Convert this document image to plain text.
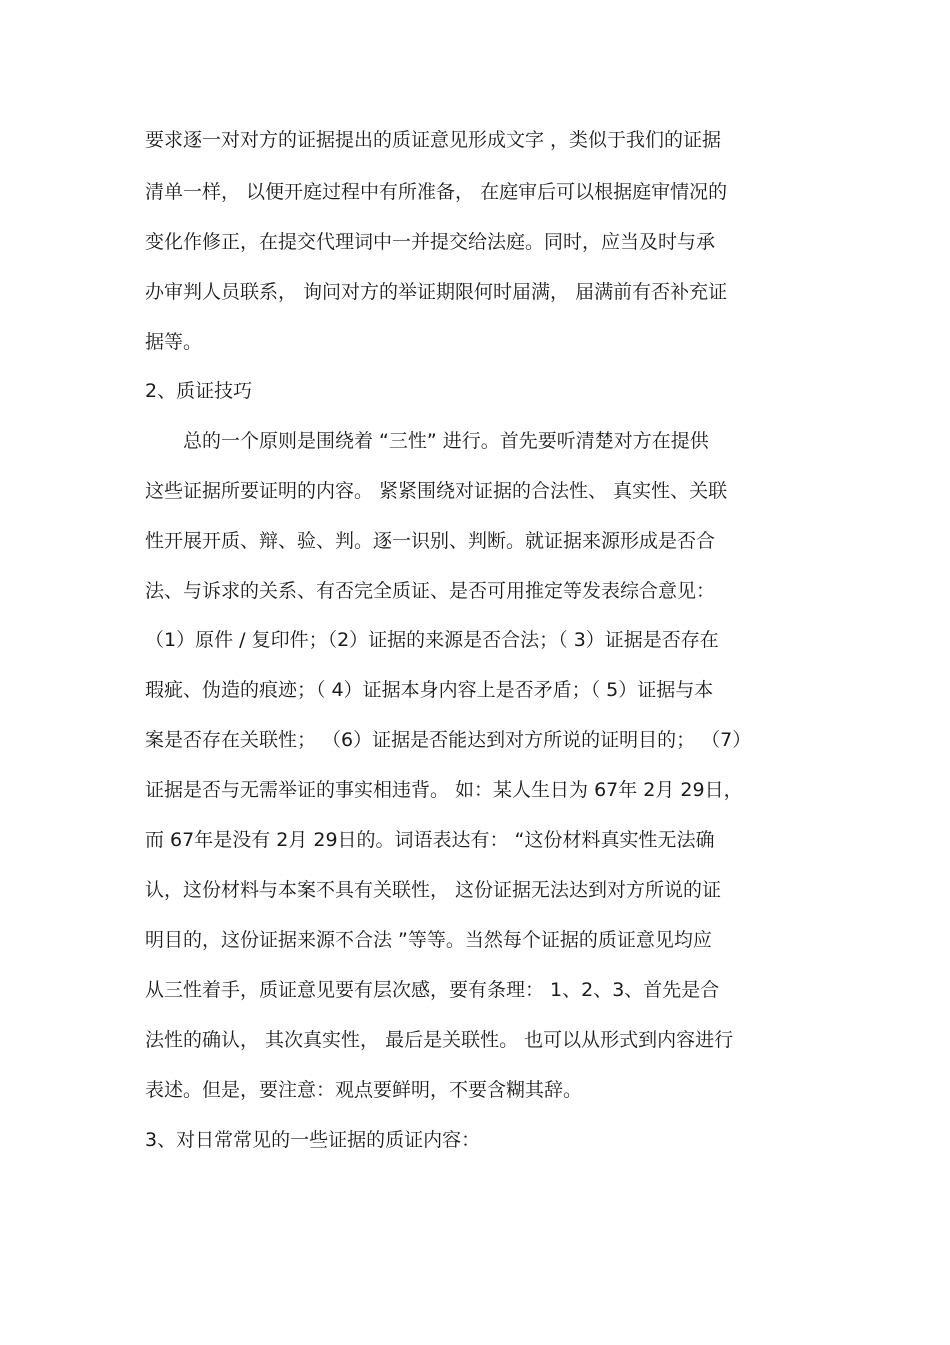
要求逐一对对方的证据提出的质证意见形成文字 ，类似于我们的证据

清单一样， 以便开庭过程中有所准备， 在庭审后可以根据庭审情况的

变化作修正，在提交代理词中一并提交给法庭。同时，应当及时与承

办审判人员联系， 询问对方的举证期限何时届满， 届满前有否补充证

据等。

2、质证技巧

　　总的一个原则是围绕着 “三性” 进行。首先要听清楚对方在提供

这些证据所要证明的内容。 紧紧围绕对证据的合法性、 真实性、关联

性开展开质、辩、验、判。逐一识别、判断。就证据来源形成是否合

法、与诉求的关系、有否完全质证、是否可用推定等发表综合意见：

（1）原件 / 复印件；（2）证据的来源是否合法；（ 3）证据是否存在

瑕疵、伪造的痕迹；（ 4）证据本身内容上是否矛盾；（ 5）证据与本

案是否存在关联性； （6）证据是否能达到对方所说的证明目的； （7）

证据是否与无需举证的事实相违背。 如：某人生日为 67年 2月 29日，

而 67年是没有 2月 29日的。词语表达有： “这份材料真实性无法确

认，这份材料与本案不具有关联性， 这份证据无法达到对方所说的证

明目的，这份证据来源不合法 ”等等。当然每个证据的质证意见均应

从三性着手，质证意见要有层次感，要有条理： 1、2、3、首先是合

法性的确认， 其次真实性， 最后是关联性。 也可以从形式到内容进行

表述。但是，要注意：观点要鲜明，不要含糊其辞。

3、对日常常见的一些证据的质证内容：
